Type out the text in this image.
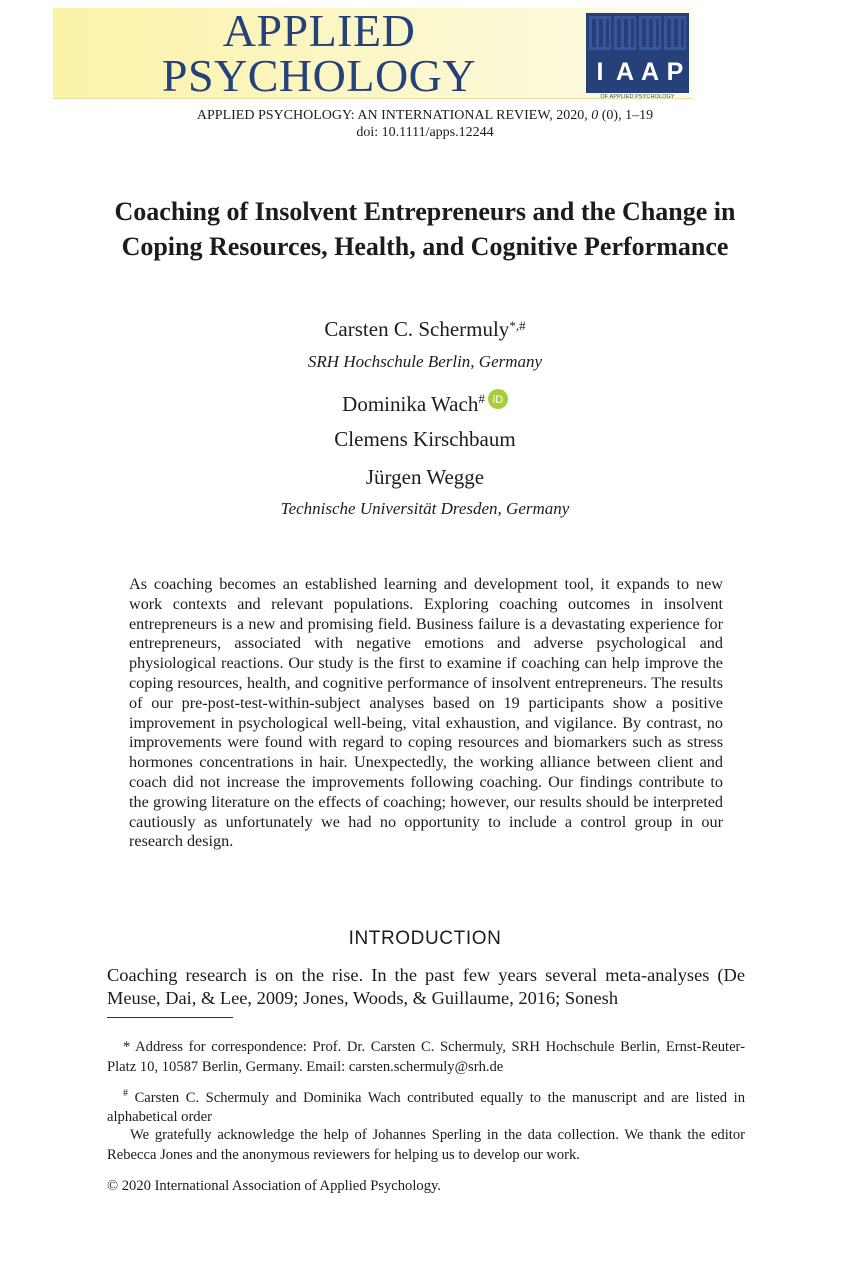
APPLIED
PSYCHOLOGY	I A A P
THE INTERNATIONAL ASSOCIATION
OF APPLIED PSYCHOLOGY
APPLIED PSYCHOLOGY: AN INTERNATIONAL REVIEW, 2020, 0 (0), 1–19
doi: 10.1111/apps.12244
Coaching of Insolvent Entrepreneurs and the Change in Coping Resources, Health, and Cognitive Performance
Carsten C. Schermuly*,#
SRH Hochschule Berlin, Germany
Dominika Wach# iD
Clemens Kirschbaum
Jürgen Wegge
Technische Universität Dresden, Germany

As coaching becomes an established learning and development tool, it expands to new work contexts and relevant populations. Exploring coaching outcomes in insolvent entrepreneurs is a new and promising field. Business failure is a devastating experience for entrepreneurs, associated with negative emotions and adverse psychological and physiological reactions. Our study is the first to examine if coaching can help improve the coping resources, health, and cognitive performance of insolvent entrepreneurs. The results of our pre-post-test-within-subject analyses based on 19 participants show a positive improvement in psychological well-being, vital exhaustion, and vigilance. By contrast, no improvements were found with regard to coping resources and biomarkers such as stress hormones concentrations in hair. Unexpectedly, the working alliance between client and coach did not increase the improvements following coaching. Our findings contribute to the growing literature on the effects of coaching; however, our results should be interpreted cautiously as unfortunately we had no opportunity to include a control group in our research design.

INTRODUCTION

Coaching research is on the rise. In the past few years several meta-analyses (De Meuse, Dai, & Lee, 2009; Jones, Woods, & Guillaume, 2016; Sonesh

* Address for correspondence: Prof. Dr. Carsten C. Schermuly, SRH Hochschule Berlin, Ernst-Reuter-Platz 10, 10587 Berlin, Germany. Email: carsten.schermuly@srh.de

# Carsten C. Schermuly and Dominika Wach contributed equally to the manuscript and are listed in alphabetical order

We gratefully acknowledge the help of Johannes Sperling in the data collection. We thank the editor Rebecca Jones and the anonymous reviewers for helping us to develop our work.

© 2020 International Association of Applied Psychology.
